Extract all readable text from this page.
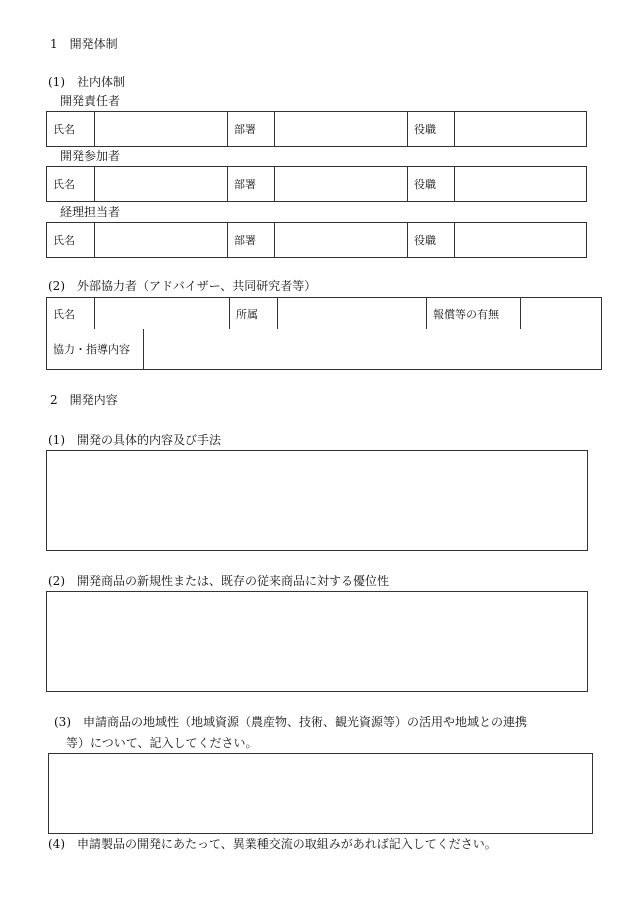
1　開発体制
(1)　社内体制
開発責任者
氏名	部署	役職
開発参加者
氏名	部署	役職
経理担当者
氏名	部署	役職
(2)　外部協力者（アドバイザー、共同研究者等）
氏名	所属	報償等の有無
協力・指導内容
2　開発内容
(1)　開発の具体的内容及び手法
(2)　開発商品の新規性または、既存の従来商品に対する優位性
(3)　申請商品の地域性（地域資源（農産物、技術、観光資源等）の活用や地域との連携
等）について、記入してください。
(4)　申請製品の開発にあたって、異業種交流の取組みがあれば記入してください。
